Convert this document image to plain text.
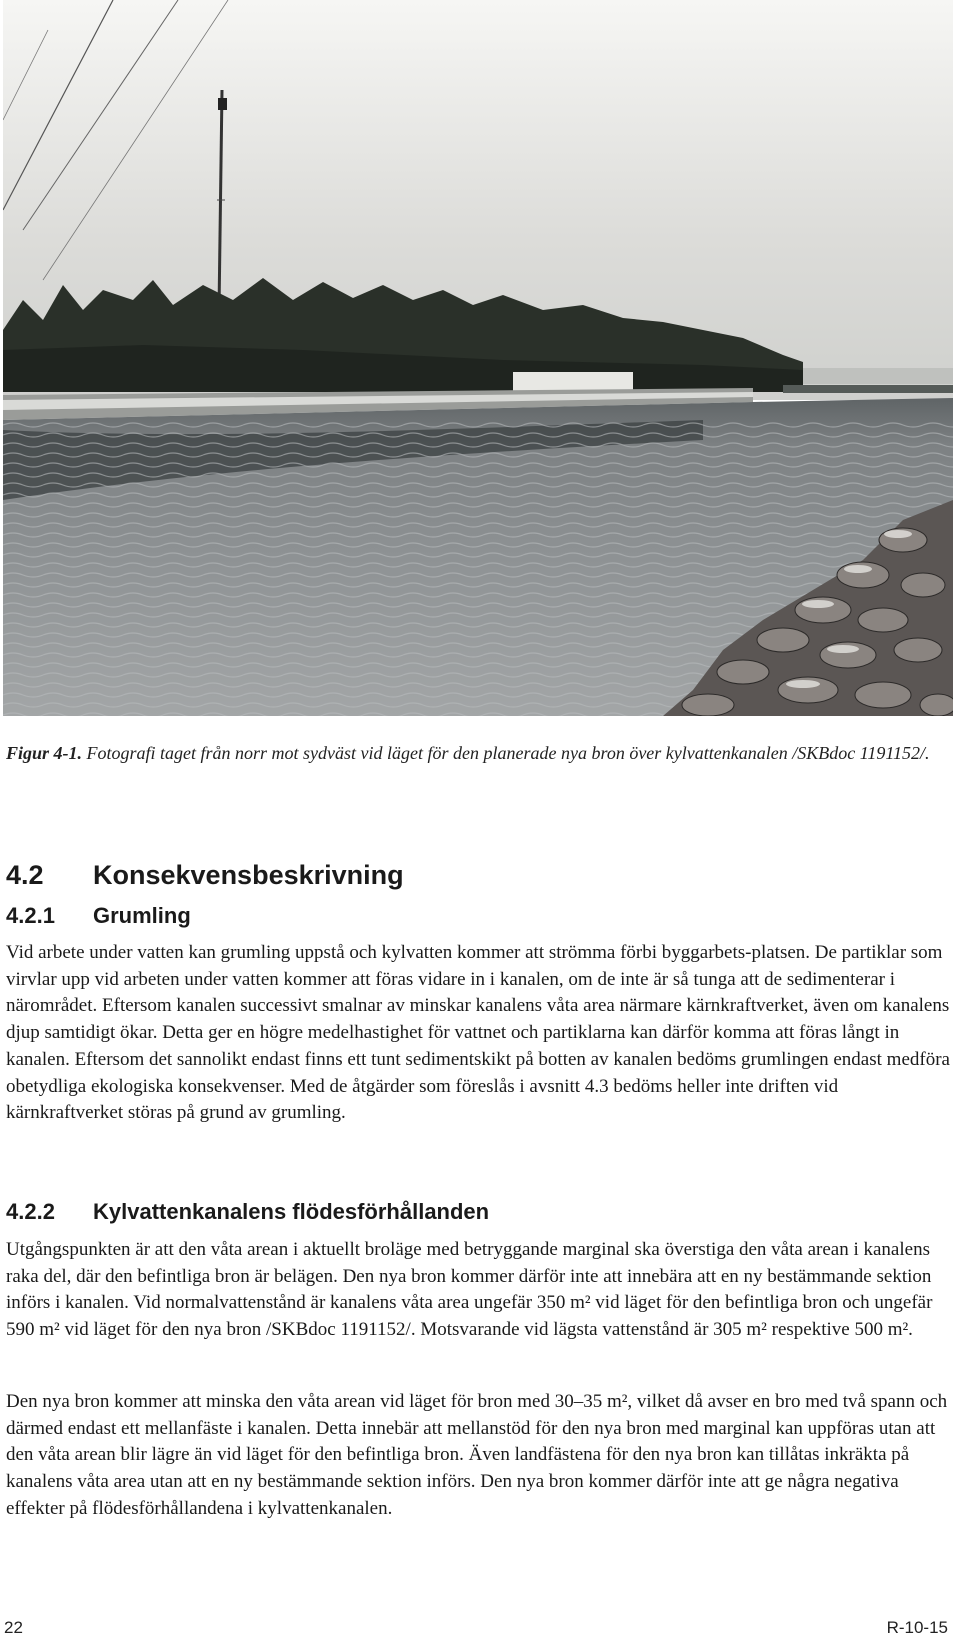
Figur 4-1. Fotografi taget från norr mot sydväst vid läget för den planerade nya bron över kylvattenkanalen /SKBdoc 1191152/.
4.2 Konsekvensbeskrivning
4.2.1 Grumling

Vid arbete under vatten kan grumling uppstå och kylvatten kommer att strömma förbi byggarbets-platsen. De partiklar som virvlar upp vid arbeten under vatten kommer att föras vidare in i kanalen, om de inte är så tunga att de sedimenterar i närområdet. Eftersom kanalen successivt smalnar av minskar kanalens våta area närmare kärnkraftverket, även om kanalens djup samtidigt ökar. Detta ger en högre medelhastighet för vattnet och partiklarna kan därför komma att föras långt in kanalen. Eftersom det sannolikt endast finns ett tunt sedimentskikt på botten av kanalen bedöms grumlingen endast medföra obetydliga ekologiska konsekvenser. Med de åtgärder som föreslås i avsnitt 4.3 bedöms heller inte driften vid kärnkraftverket störas på grund av grumling.

4.2.2 Kylvattenkanalens flödesförhållanden

Utgångspunkten är att den våta arean i aktuellt broläge med betryggande marginal ska överstiga den våta arean i kanalens raka del, där den befintliga bron är belägen. Den nya bron kommer därför inte att innebära att en ny bestämmande sektion införs i kanalen. Vid normalvattenstånd är kanalens våta area ungefär 350 m² vid läget för den befintliga bron och ungefär 590 m² vid läget för den nya bron /SKBdoc 1191152/. Motsvarande vid lägsta vattenstånd är 305 m² respektive 500 m².

Den nya bron kommer att minska den våta arean vid läget för bron med 30–35 m², vilket då avser en bro med två spann och därmed endast ett mellanfäste i kanalen. Detta innebär att mellanstöd för den nya bron med marginal kan uppföras utan att den våta arean blir lägre än vid läget för den befintliga bron. Även landfästena för den nya bron kan tillåtas inkräkta på kanalens våta area utan att en ny bestämmande sektion införs. Den nya bron kommer därför inte att ge några negativa effekter på flödesförhållandena i kylvattenkanalen.

22	R-10-15
